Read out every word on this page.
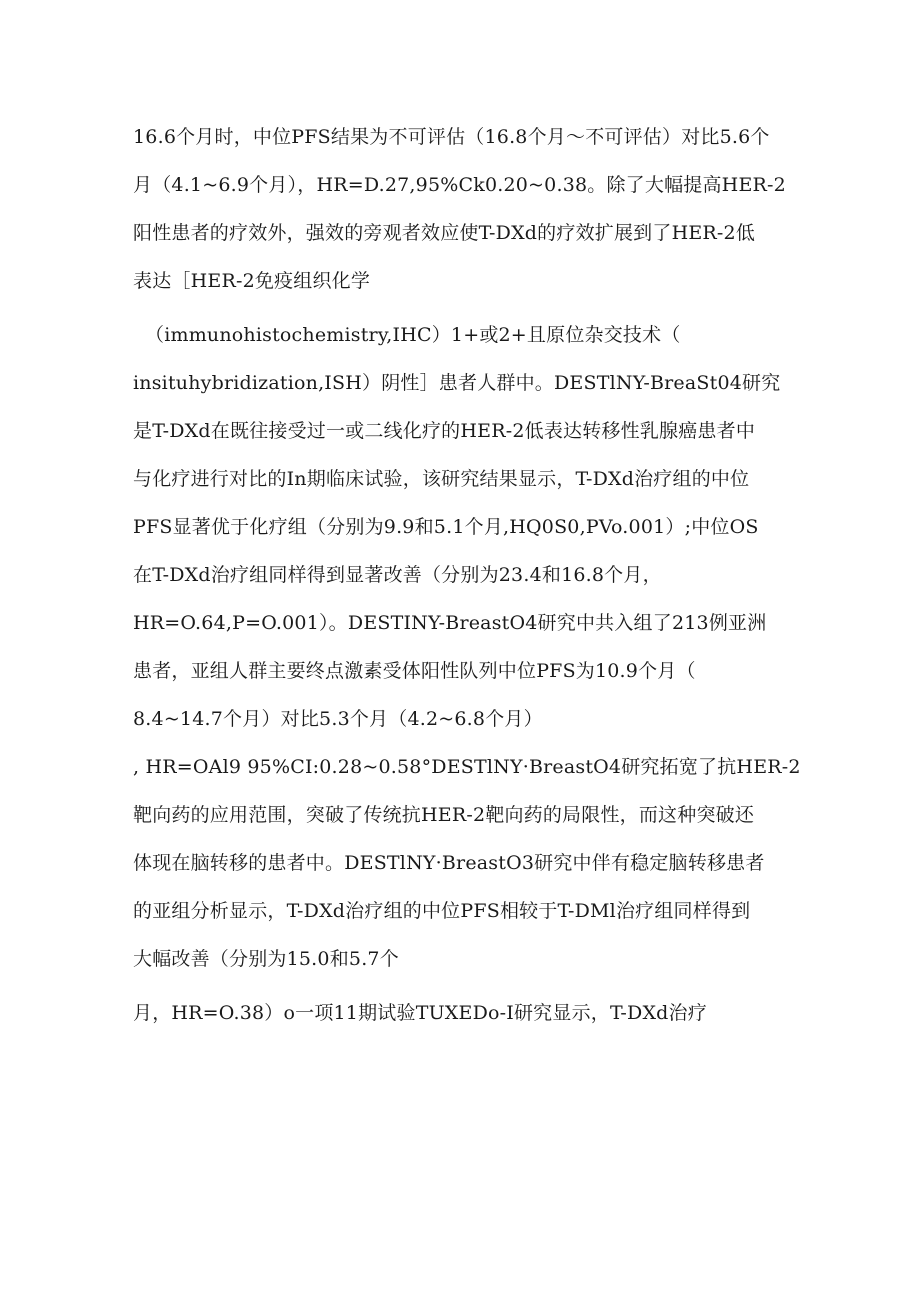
16.6个月时，中位PFS结果为不可评估（16.8个月～不可评估）对比5.6个
月（4.1~6.9个月），HR=D.27,95%Ck0.20~0.38。除了大幅提高HER-2
阳性患者的疗效外，强效的旁观者效应使T-DXd的疗效扩展到了HER-2低
表达［HER-2免疫组织化学
（immunohistochemistry,IHC）1+或2+且原位杂交技术（
insituhybridization,ISH）阴性］患者人群中。DESTlNY-BreaSt04研究
是T-DXd在既往接受过一或二线化疗的HER-2低表达转移性乳腺癌患者中
与化疗进行对比的In期临床试验，该研究结果显示，T-DXd治疗组的中位
PFS显著优于化疗组（分别为9.9和5.1个月,HQ0S0,PVo.001）;中位OS
在T-DXd治疗组同样得到显著改善（分别为23.4和16.8个月，
HR=O.64,P=O.001）。DESTINY-BreastO4研究中共入组了213例亚洲
患者，亚组人群主要终点激素受体阳性队列中位PFS为10.9个月（
8.4~14.7个月）对比5.3个月（4.2~6.8个月）
, HR=OAl9 95%CI:0.28~0.58°DESTlNY·BreastO4研究拓宽了抗HER-2
靶向药的应用范围，突破了传统抗HER-2靶向药的局限性，而这种突破还
体现在脑转移的患者中。DESTlNY·BreastO3研究中伴有稳定脑转移患者
的亚组分析显示，T-DXd治疗组的中位PFS相较于T-DMl治疗组同样得到
大幅改善（分别为15.0和5.7个
月，HR=O.38）o一项11期试验TUXEDo-I研究显示，T-DXd治疗
